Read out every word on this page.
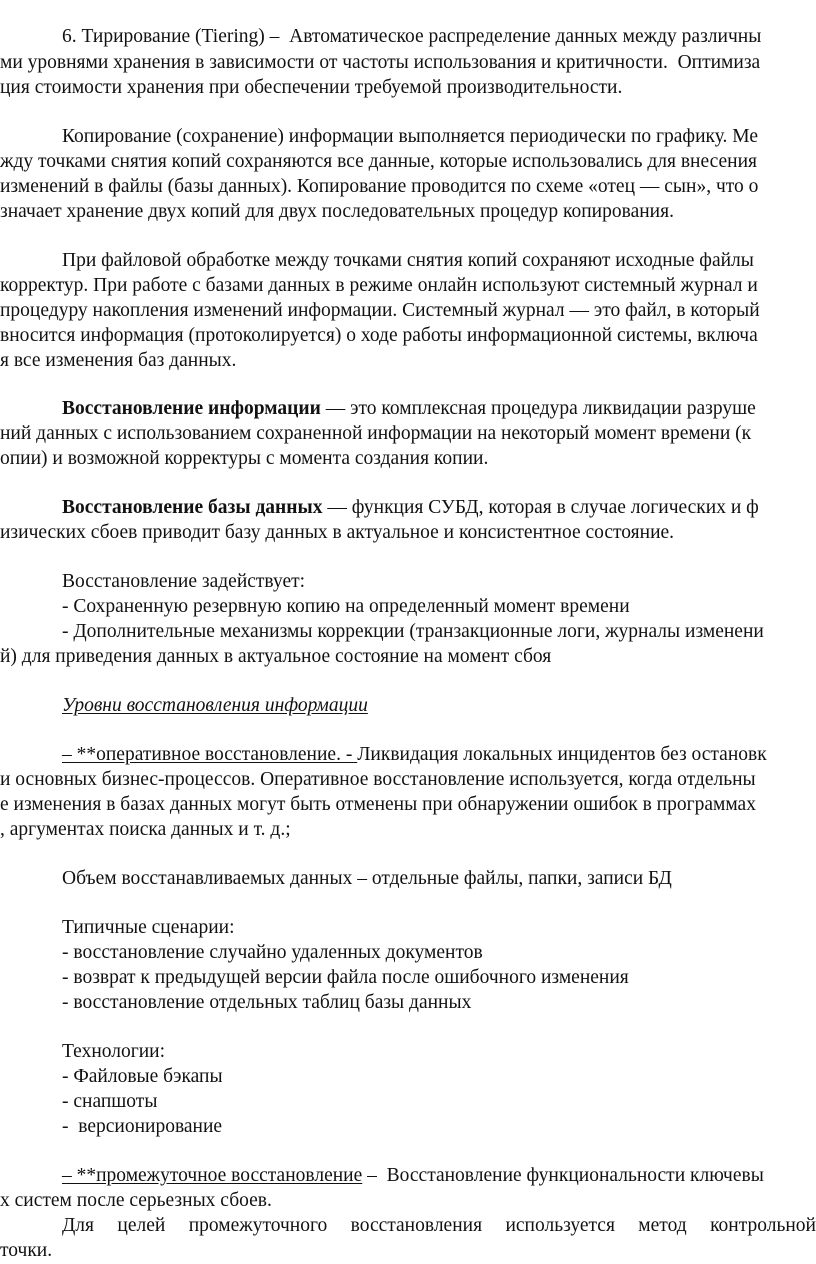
6. Тирирование (Tiering) –  Автоматическое распределение данных между различны
ми уровнями хранения в зависимости от частоты использования и критичности.  Оптимиза
ция стоимости хранения при обеспечении требуемой производительности.
Копирование (сохранение) информации выполняется периодически по графику. Ме
жду точками снятия копий сохраняются все данные, которые использовались для внесения
изменений в файлы (базы данных). Копирование проводится по схеме «отец — сын», что о
значает хранение двух копий для двух последовательных процедур копирования.
При файловой обработке между точками снятия копий сохраняют исходные файлы
корректур. При работе с базами данных в режиме онлайн используют системный журнал и
процедуру накопления изменений информации. Системный журнал — это файл, в который
вносится информация (протоколируется) о ходе работы информационной системы, включа
я все изменения баз данных.
Восстановление информации — это комплексная процедура ликвидации разруше
ний данных с использованием сохраненной информации на некоторый момент времени (к
опии) и возможной корректуры с момента создания копии.
Восстановление базы данных — функция СУБД, которая в случае логических и ф
изических сбоев приводит базу данных в актуальное и консистентное состояние.
Восстановление задействует:
- Сохраненную резервную копию на определенный момент времени
- Дополнительные механизмы коррекции (транзакционные логи, журналы изменени
й) для приведения данных в актуальное состояние на момент сбоя
Уровни восстановления информации
– **оперативное восстановление. - Ликвидация локальных инцидентов без остановк
и основных бизнес-процессов. Оперативное восстановление используется, когда отдельны
е изменения в базах данных могут быть отменены при обнаружении ошибок в программах
, аргументах поиска данных и т. д.;
Объем восстанавливаемых данных – отдельные файлы, папки, записи БД
Типичные сценарии:
- восстановление случайно удаленных документов
- возврат к предыдущей версии файла после ошибочного изменения
- восстановление отдельных таблиц базы данных
Технологии:
- Файловые бэкапы
- снапшоты
-  версионирование
– **промежуточное восстановление –  Восстановление функциональности ключевы
х систем после серьезных сбоев.
Для целей промежуточного восстановления используется метод контрольной
точки.
